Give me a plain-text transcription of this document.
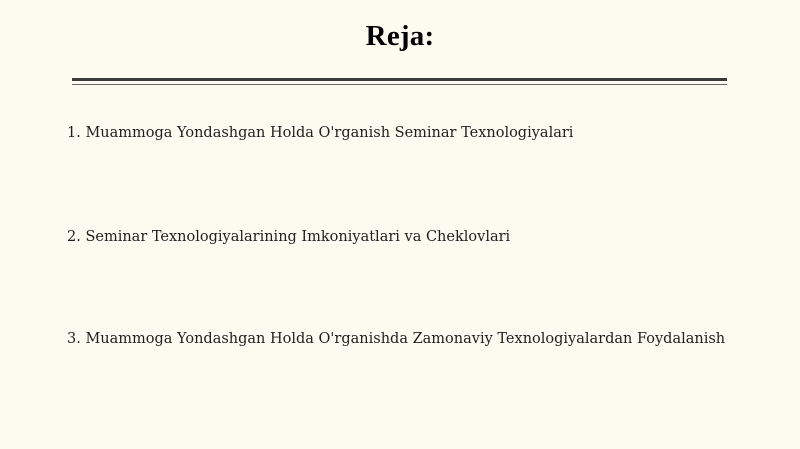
Reja:
1. Muammoga Yondashgan Holda O'rganish Seminar Texnologiyalari
2. Seminar Texnologiyalarining Imkoniyatlari va Cheklovlari
3. Muammoga Yondashgan Holda O'rganishda Zamonaviy Texnologiyalardan Foydalanish
